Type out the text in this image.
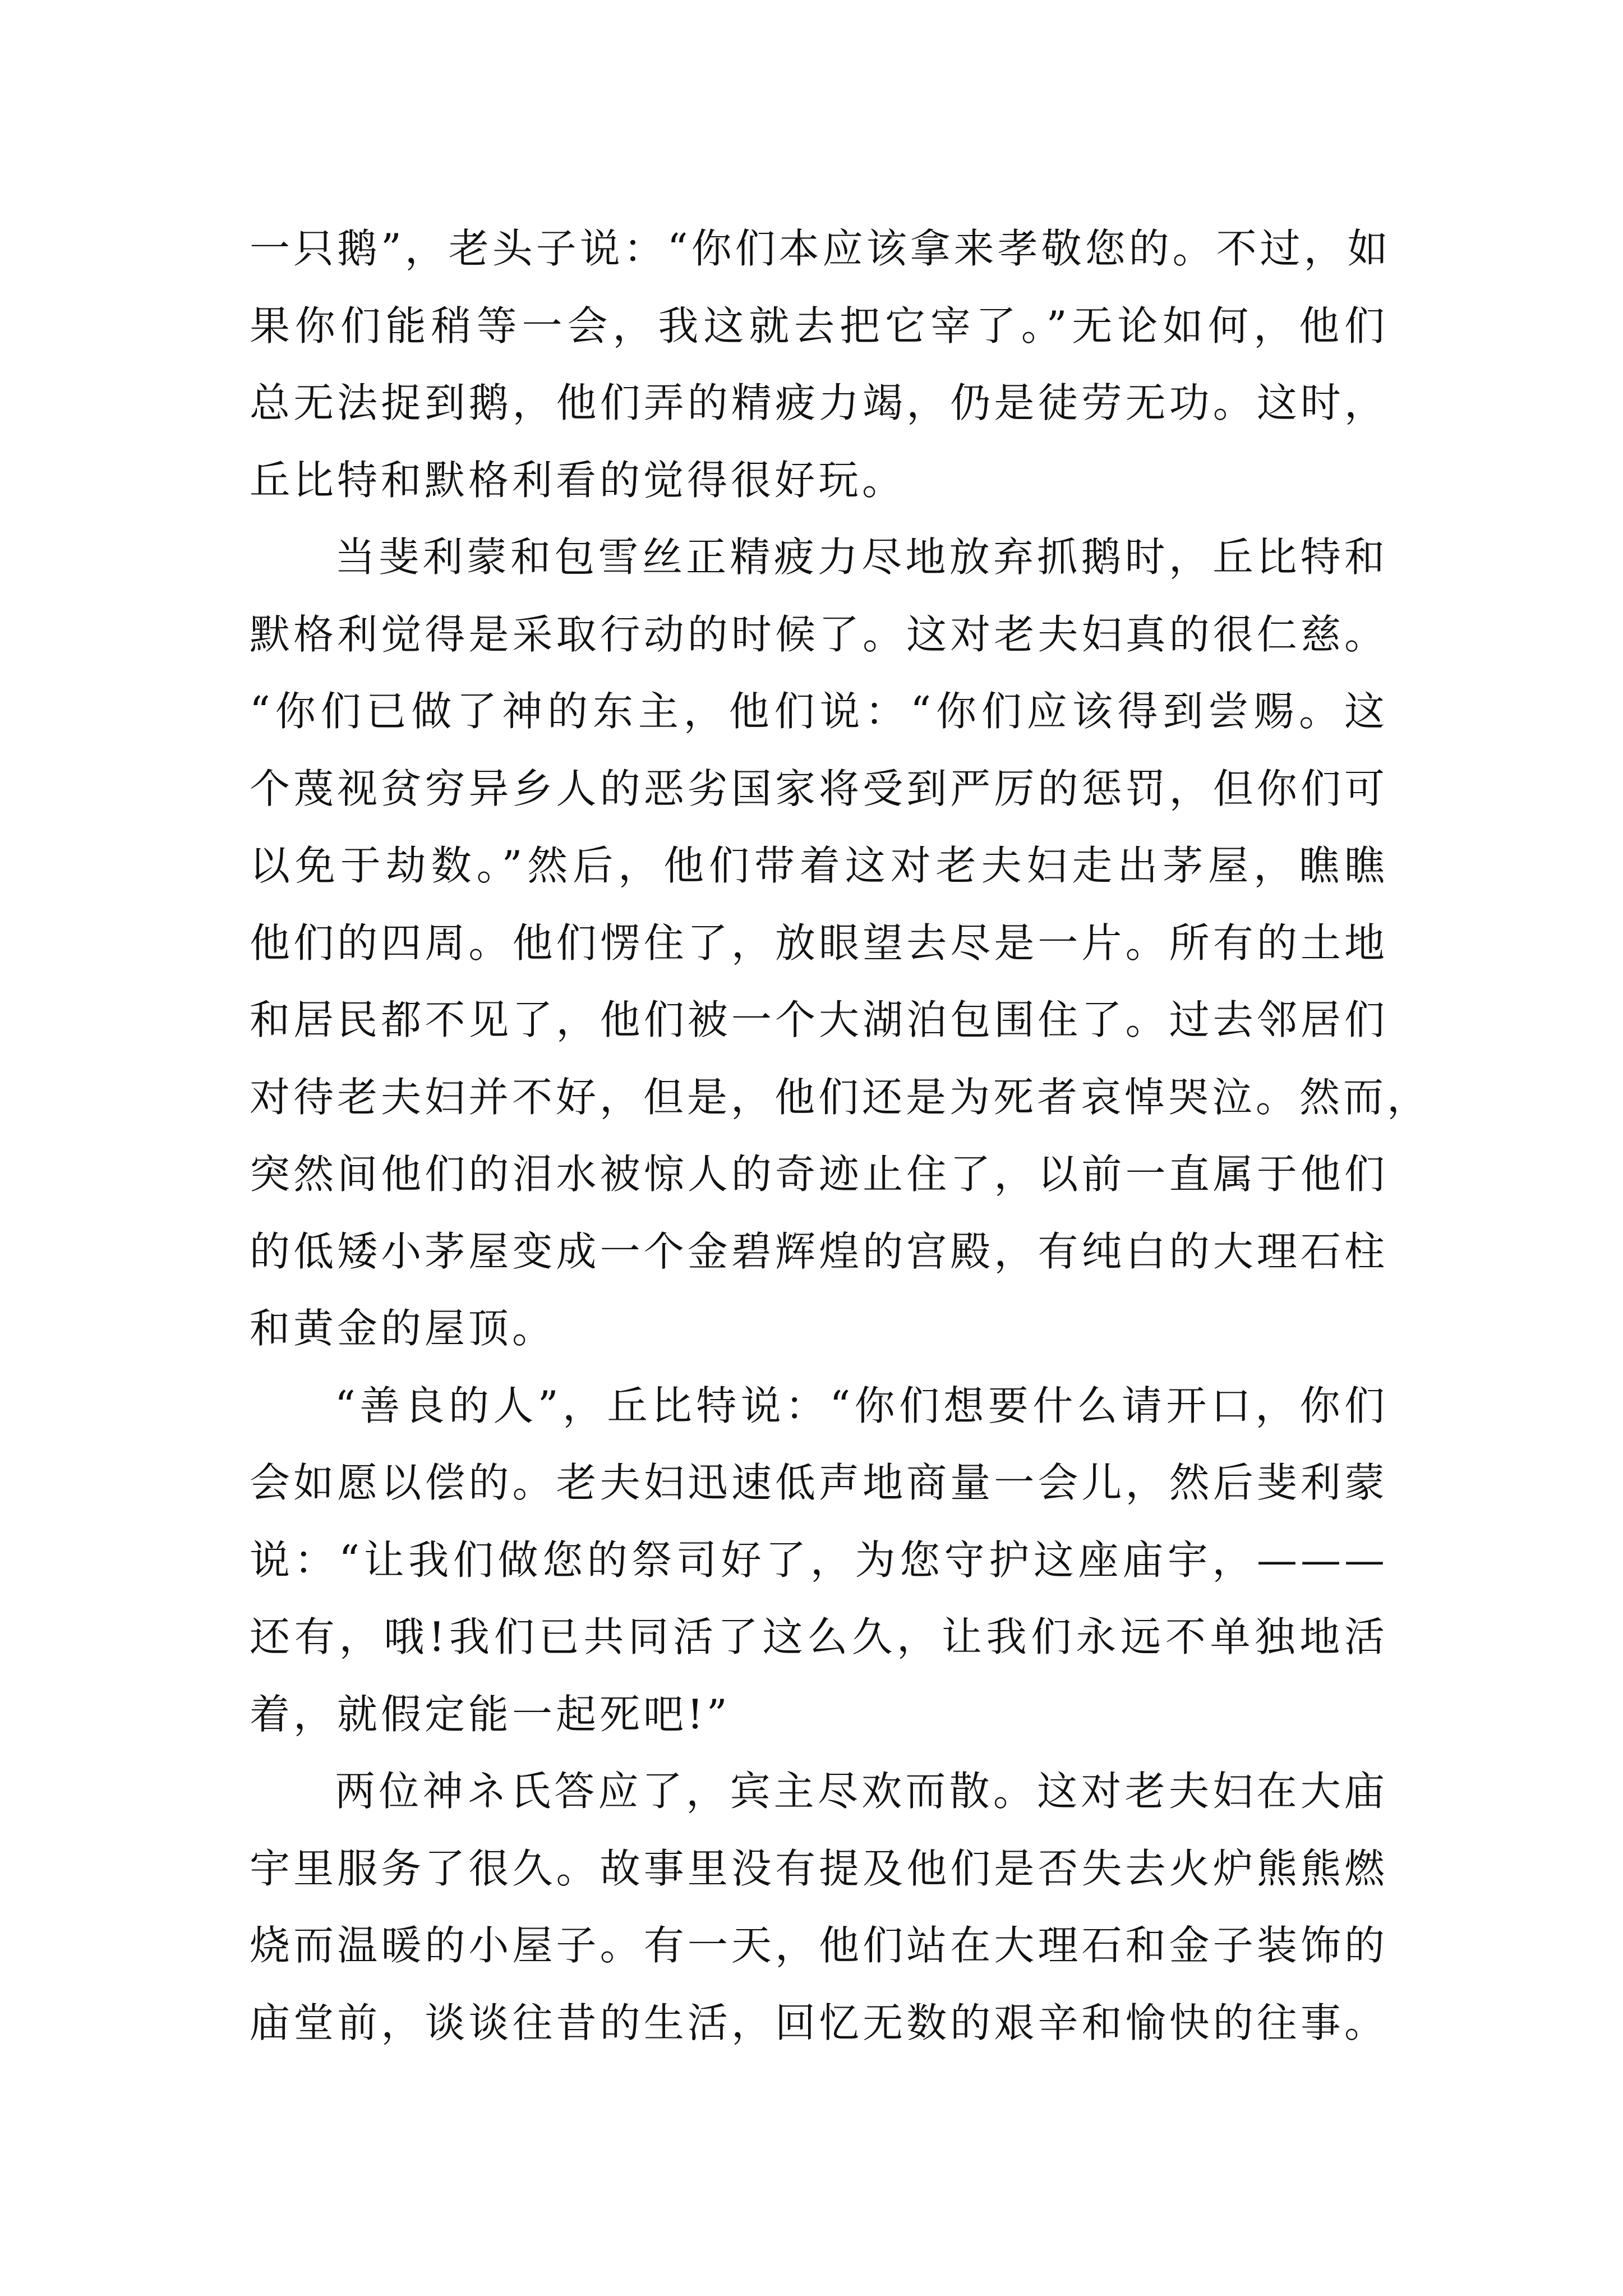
一只鹅”，老头子说：“你们本应该拿来孝敬您的。不过，如
果你们能稍等一会，我这就去把它宰了。”无论如何，他们
总无法捉到鹅，他们弄的精疲力竭，仍是徒劳无功。这时，
丘比特和默格利看的觉得很好玩。
当斐利蒙和包雪丝正精疲力尽地放弃抓鹅时，丘比特和
默格利觉得是采取行动的时候了。这对老夫妇真的很仁慈。
“你们已做了神的东主，他们说：“你们应该得到尝赐。这
个蔑视贫穷异乡人的恶劣国家将受到严厉的惩罚，但你们可
以免于劫数。”然后，他们带着这对老夫妇走出茅屋，瞧瞧
他们的四周。他们愣住了，放眼望去尽是一片。所有的土地
和居民都不见了，他们被一个大湖泊包围住了。过去邻居们
对待老夫妇并不好，但是，他们还是为死者哀悼哭泣。然而，
突然间他们的泪水被惊人的奇迹止住了，以前一直属于他们
的低矮小茅屋变成一个金碧辉煌的宫殿，有纯白的大理石柱
和黄金的屋顶。
“善良的人”，丘比特说：“你们想要什么请开口，你们
会如愿以偿的。老夫妇迅速低声地商量一会儿，然后斐利蒙
说：“让我们做您的祭司好了，为您守护这座庙宇，———
还有，哦!我们已共同活了这么久，让我们永远不单独地活
着，就假定能一起死吧!”
两位神ネ氏答应了，宾主尽欢而散。这对老夫妇在大庙
宇里服务了很久。故事里没有提及他们是否失去火炉熊熊燃
烧而温暖的小屋子。有一天，他们站在大理石和金子装饰的
庙堂前，谈谈往昔的生活，回忆无数的艰辛和愉快的往事。
